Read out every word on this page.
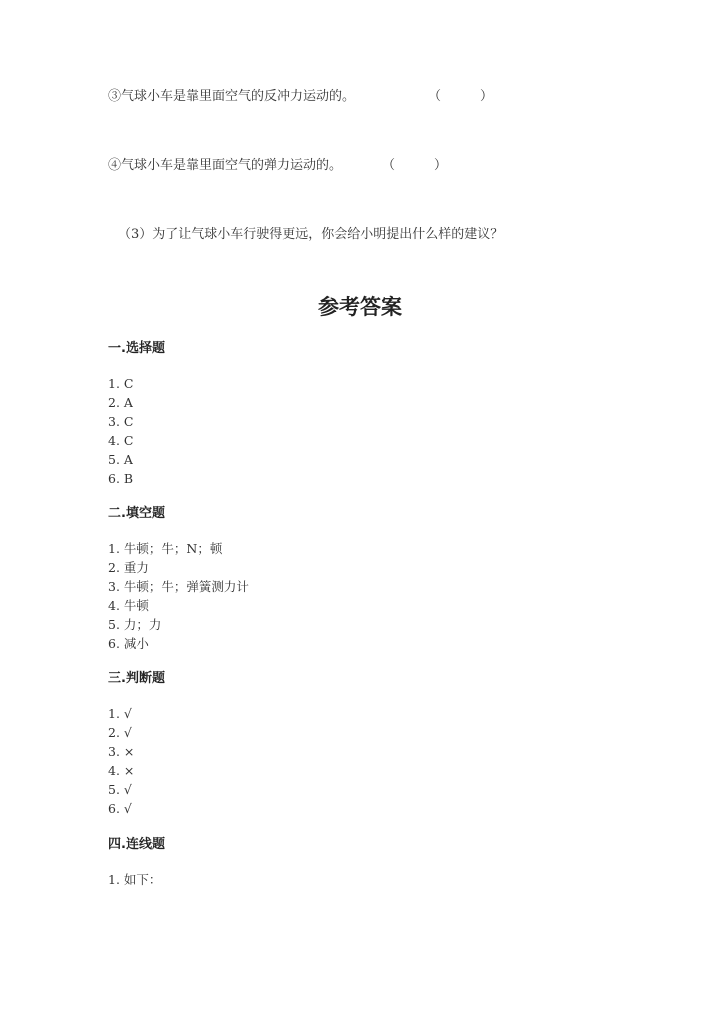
③气球小车是靠里面空气的反冲力运动的。	（　　　）
④气球小车是靠里面空气的弹力运动的。	（　　　）
（3）为了让气球小车行驶得更远，你会给小明提出什么样的建议？
参考答案
一.选择题
1. C
2. A
3. C
4. C
5. A
6. B
二.填空题
1. 牛顿；牛；N；顿
2. 重力
3. 牛顿；牛；弹簧测力计
4. 牛顿
5. 力；力
6. 减小
三.判断题
1. √
2. √
3. ×
4. ×
5. √
6. √
四.连线题
1. 如下：
